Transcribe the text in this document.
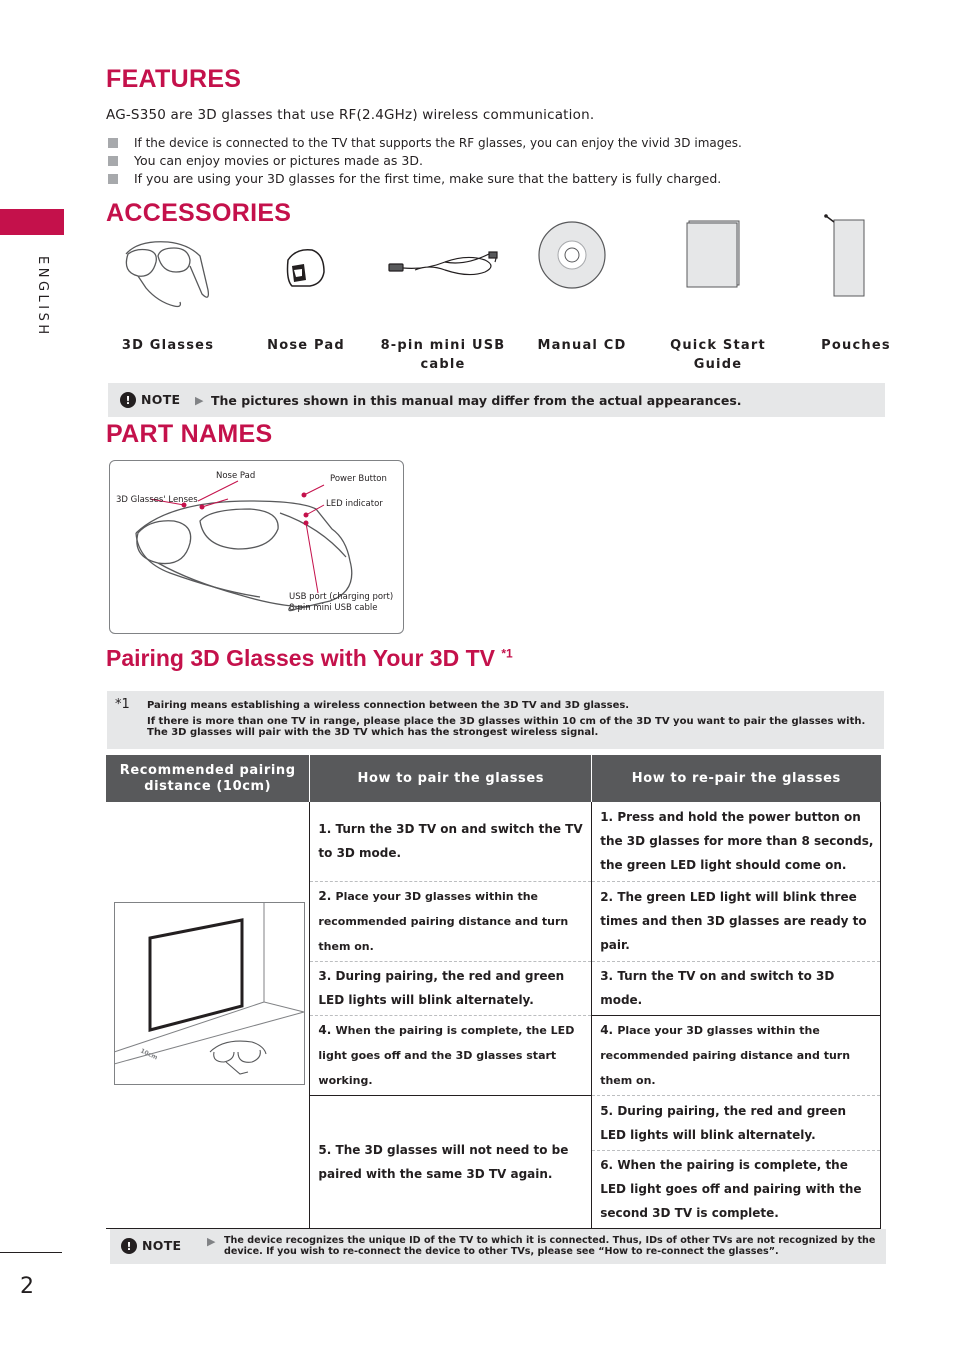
ENGLISH
FEATURES
AG-S350 are 3D glasses that use RF(2.4GHz) wireless communication.
If the device is connected to the TV that supports the RF glasses, you can enjoy the vivid 3D images.
You can enjoy movies or pictures made as 3D.
If you are using your 3D glasses for the first time, make sure that the battery is fully charged.
ACCESSORIES
3D Glasses	Nose Pad	8-pin mini USB
cable
Manual CD	Quick Start
Guide
Pouches
! NOTE ▶ The pictures shown in this manual may differ from the actual appearances.
PART NAMES
Nose Pad	Power Button
3D Glasses' Lenses	LED indicator
USB port (charging port)
8-pin mini USB cable
Pairing 3D Glasses with Your 3D TV $^{*1}$
*1 Pairing means establishing a wireless connection between the 3D TV and 3D glasses.
If there is more than one TV in range, please place the 3D glasses within 10 cm of the 3D TV you want to pair the glasses with.
The 3D glasses will pair with the 3D TV which has the strongest wireless signal.
Recommended pairing distance (10cm)	How to pair the glasses	How to re-pair the glasses

10cm	1. Turn the 3D TV on and switch the TV to 3D mode.	1. Press and hold the power button on the 3D glasses for more than 8 seconds, the green LED light should come on.

	2. Place your 3D glasses within the recommended pairing distance and turn them on.	2. The green LED light will blink three times and then 3D glasses are ready to pair.

	3. During pairing, the red and green LED lights will blink alternately.	3. Turn the TV on and switch to 3D mode.

	4. When the pairing is complete, the LED light goes off and the 3D glasses start working.	4. Place your 3D glasses within the recommended pairing distance and turn them on.

	5. The 3D glasses will not need to be paired with the same 3D TV again.	5. During pairing, the red and green LED lights will blink alternately.

		6. When the pairing is complete, the LED light goes off and pairing with the second 3D TV is complete.
! NOTE ▶ The device recognizes the unique ID of the TV to which it is connected. Thus, IDs of other TVs are not recognized by the device. If you wish to re-connect the device to other TVs, please see “How to re-connect the glasses”.
2
